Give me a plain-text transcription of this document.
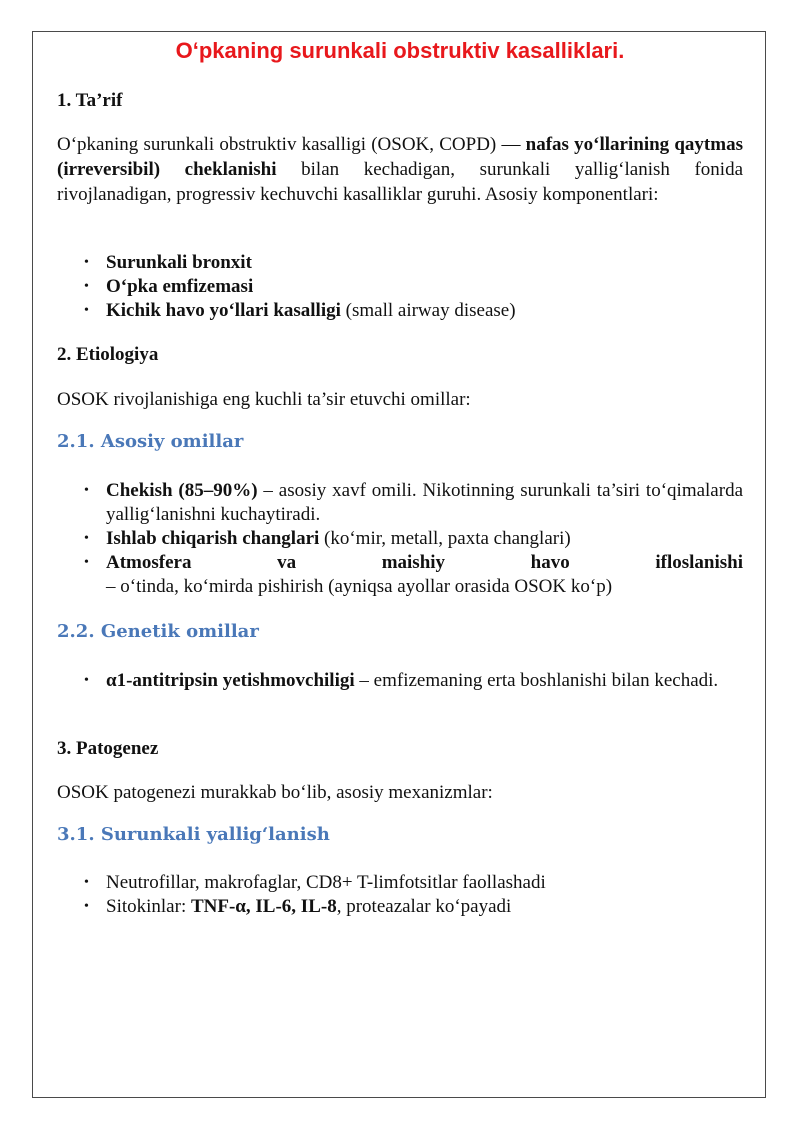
O‘pkaning surunkali obstruktiv kasalliklari.
1. Ta’rif

O‘pkaning surunkali obstruktiv kasalligi (OSOK, COPD) — nafas yo‘llarining qaytmas (irreversibil) cheklanishi bilan kechadigan, surunkali yallig‘lanish fonida rivojlanadigan, progressiv kechuvchi kasalliklar guruhi. Asosiy komponentlari:

• Surunkali bronxit
• O‘pka emfizemasi
• Kichik havo yo‘llari kasalligi (small airway disease)
2. Etiologiya

OSOK rivojlanishiga eng kuchli ta’sir etuvchi omillar:

2.1. Asosiy omillar
• Chekish (85–90%) – asosiy xavf omili. Nikotinning surunkali ta’siri to‘qimalarda yallig‘lanishni kuchaytiradi.
• Ishlab chiqarish changlari (ko‘mir, metall, paxta changlari)
• Atmosfera va maishiy havo ifloslanishi
– o‘tinda, ko‘mirda pishirish (ayniqsa ayollar orasida OSOK ko‘p)
2.2. Genetik omillar
• α1-antitripsin yetishmovchiligi – emfizemaning erta boshlanishi bilan kechadi.
3. Patogenez

OSOK patogenezi murakkab bo‘lib, asosiy mexanizmlar:

3.1. Surunkali yallig‘lanish
• Neutrofillar, makrofaglar, CD8+ T-limfotsitlar faollashadi
• Sitokinlar: TNF-α, IL-6, IL-8, proteazalar ko‘payadi
